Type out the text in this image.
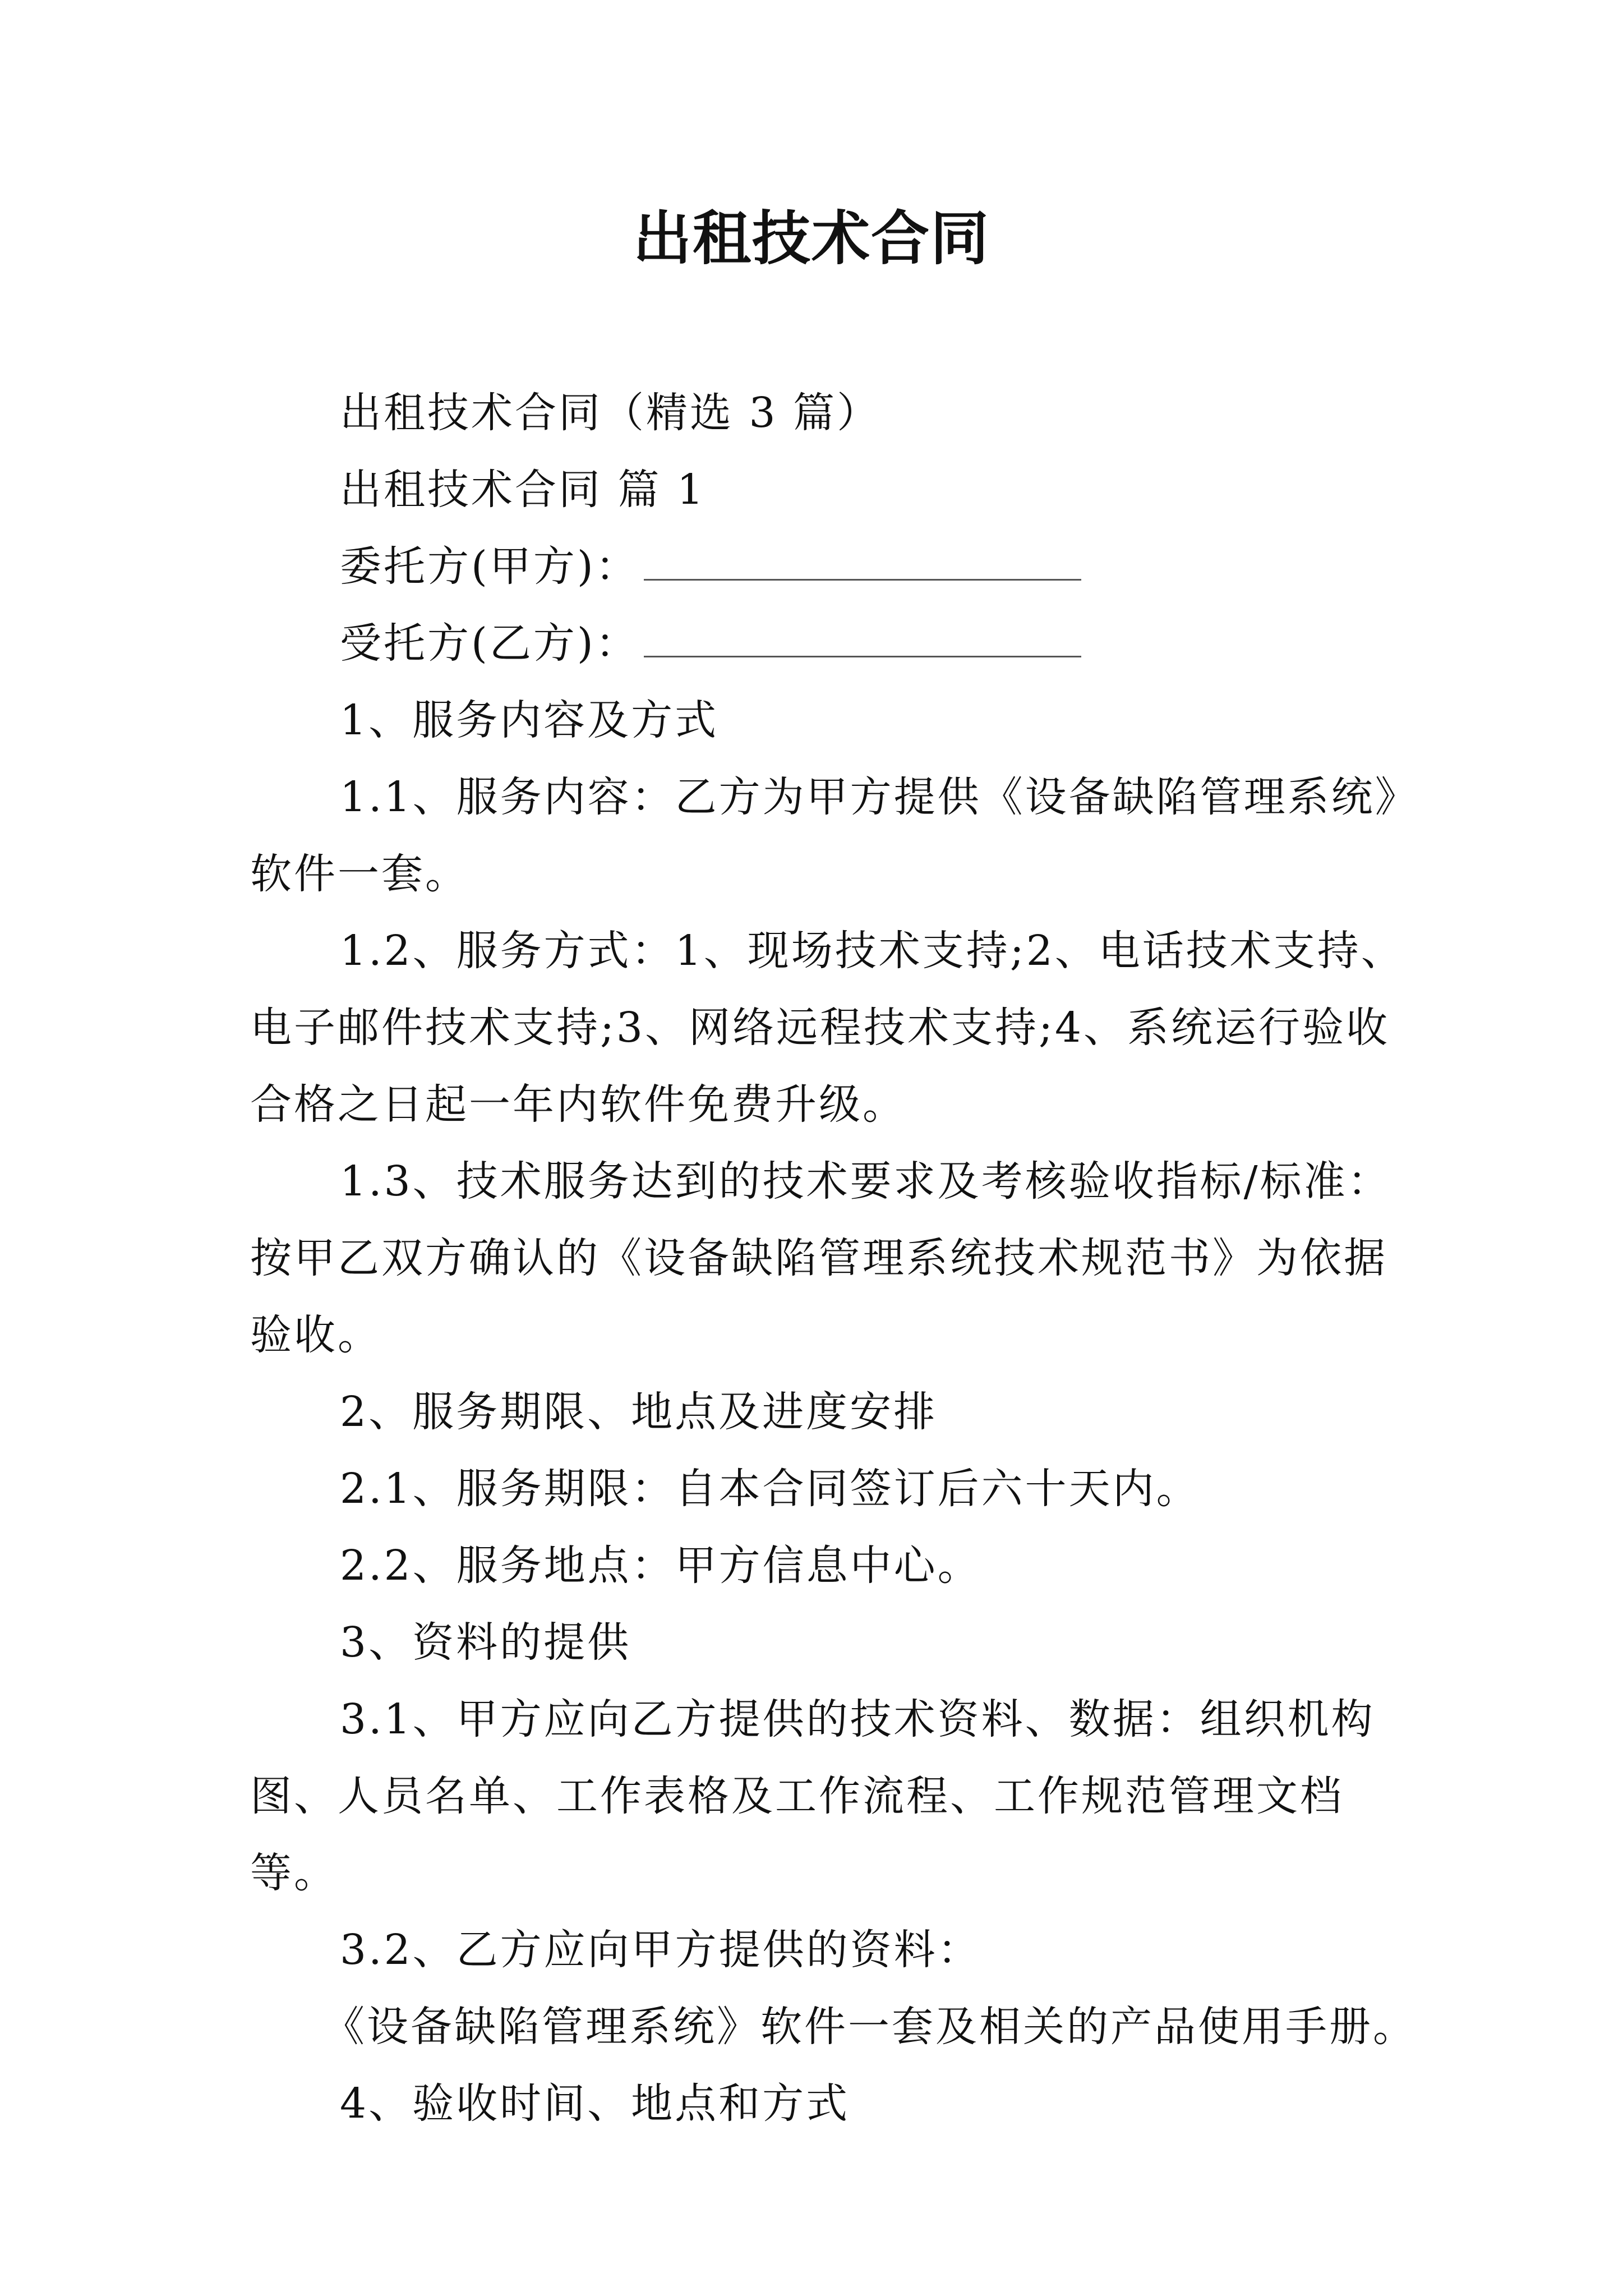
出租技术合同

出租技术合同（精选 3 篇）

出租技术合同 篇 1

委托方(甲方)：

受托方(乙方)：

1、服务内容及方式

1.1、服务内容：乙方为甲方提供《设备缺陷管理系统》软件一套。

1.2、服务方式：1、现场技术支持;2、电话技术支持、电子邮件技术支持;3、网络远程技术支持;4、系统运行验收合格之日起一年内软件免费升级。

1.3、技术服务达到的技术要求及考核验收指标/标准：按甲乙双方确认的《设备缺陷管理系统技术规范书》为依据验收。

2、服务期限、地点及进度安排

2.1、服务期限：自本合同签订后六十天内。

2.2、服务地点：甲方信息中心。

3、资料的提供

3.1、甲方应向乙方提供的技术资料、数据：组织机构图、人员名单、工作表格及工作流程、工作规范管理文档等。

3.2、乙方应向甲方提供的资料：

《设备缺陷管理系统》软件一套及相关的产品使用手册。

4、验收时间、地点和方式
